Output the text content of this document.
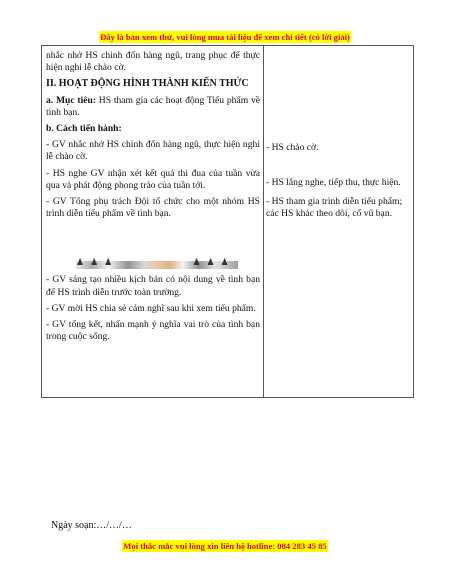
Đây là bản xem thử, vui lòng mua tài liệu để xem chi tiết (có lời giải)

nhắc nhở HS chỉnh đốn hàng ngũ, trang phục để thực hiện nghi lễ chào cờ.

II. HOẠT ĐỘNG HÌNH THÀNH KIẾN THỨC

a. Mục tiêu: HS tham gia các hoạt động Tiểu phẩm về tình bạn.

b. Cách tiến hành:

- GV nhắc nhở HS chỉnh đốn hàng ngũ, thực hiện nghi lễ chào cờ.

- HS nghe GV nhận xét kết quả thi đua của tuần vừa qua và phát động phong trào của tuần tới.

- GV Tổng phụ trách Đội tổ chức cho một nhóm HS trình diễn tiểu phẩm về tình bạn.

♟♟♟         ♟♟♟

- GV sáng tạo nhiều kịch bản có nội dung về tình bạn để HS trình diễn trước toàn trường.

- GV mời HS chia sẻ cảm nghĩ sau khi xem tiểu phẩm.

- GV tổng kết, nhấn mạnh ý nghĩa vai trò của tình bạn trong cuộc sống.

- HS chào cờ.
- HS lắng nghe, tiếp thu, thực hiện.
- HS tham gia trình diễn tiểu phẩm; các HS khác theo dõi, cổ vũ bạn.
Ngày soạn:…/…/…
Mọi thắc mắc vui lòng xin liên hệ hotline: 084 283 45 85
